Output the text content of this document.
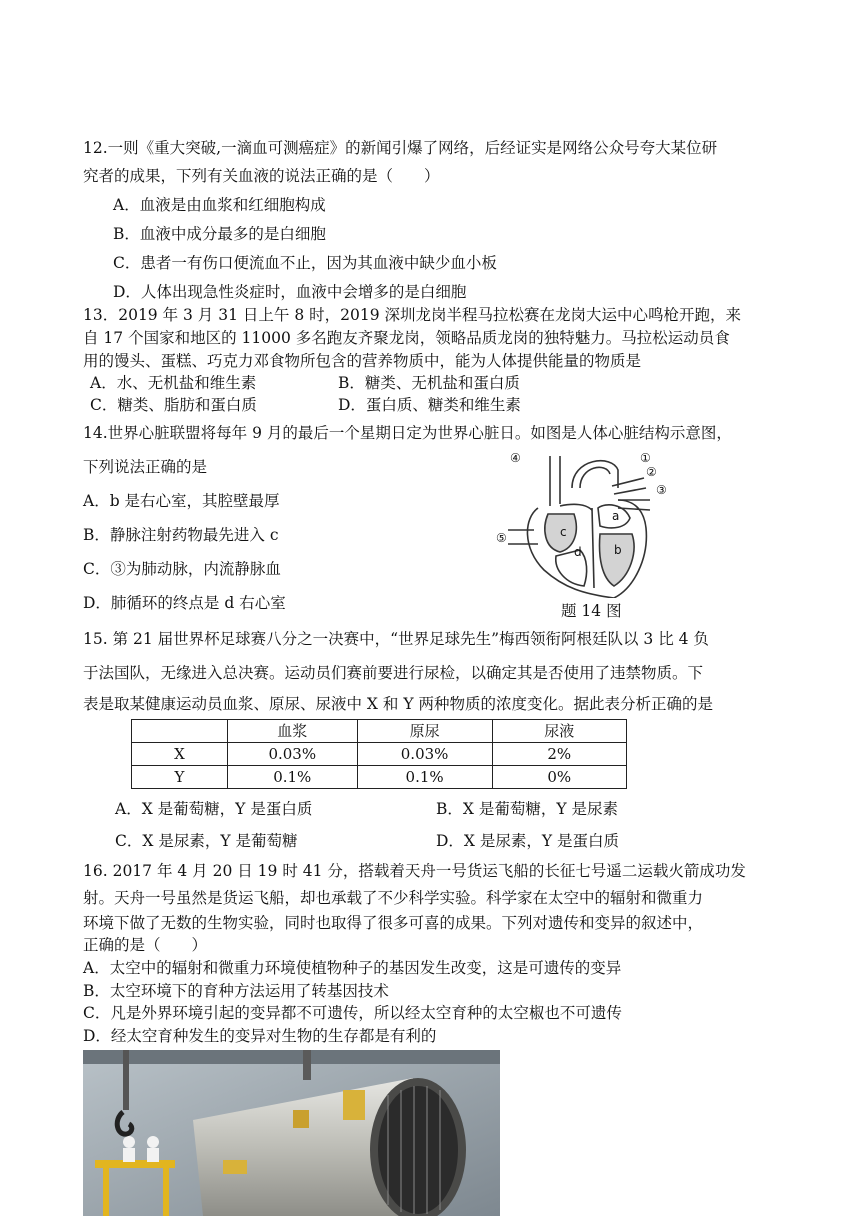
12.一则《重大突破,一滴血可测癌症》的新闻引爆了网络，后经证实是网络公众号夸大某位研
究者的成果，下列有关血液的说法正确的是（　　）
A．血液是由血浆和红细胞构成
B．血液中成分最多的是白细胞
C．患者一有伤口便流血不止，因为其血液中缺少血小板
D．人体出现急性炎症时，血液中会增多的是白细胞
13．2019 年 3 月 31 日上午 8 时，2019 深圳龙岗半程马拉松赛在龙岗大运中心鸣枪开跑，来
自 17 个国家和地区的 11000 多名跑友齐聚龙岗，领略品质龙岗的独特魅力。马拉松运动员食
用的馒头、蛋糕、巧克力邓食物所包含的营养物质中，能为人体提供能量的物质是
A．水、无机盐和维生素	B．糖类、无机盐和蛋白质
C．糖类、脂肪和蛋白质	D．蛋白质、糖类和维生素
14.世界心脏联盟将每年 9 月的最后一个星期日定为世界心脏日。如图是人体心脏结构示意图，
下列说法正确的是
A．b 是右心室，其腔壁最厚
B．静脉注射药物最先进入 c
C．③为肺动脉，内流静脉血
D．肺循环的终点是 d 右心室
④	①
②
③
⑤
a
b
c
d
题 14 图
15. 第 21 届世界杯足球赛八分之一决赛中，“世界足球先生”梅西领衔阿根廷队以 3 比 4 负
于法国队，无缘进入总决赛。运动员们赛前要进行尿检，以确定其是否使用了违禁物质。下
表是取某健康运动员血浆、原尿、尿液中 X 和 Y 两种物质的浓度变化。据此表分析正确的是
	血浆	原尿	尿液
X	0.03%	0.03%	2%
Y	0.1%	0.1%	0%
A．X 是葡萄糖，Y 是蛋白质	B．X 是葡萄糖，Y 是尿素
C．X 是尿素，Y 是葡萄糖	D．X 是尿素，Y 是蛋白质
16. 2017 年 4 月 20 日 19 时 41 分，搭载着天舟一号货运飞船的长征七号遥二运载火箭成功发
射。天舟一号虽然是货运飞船，却也承载了不少科学实验。科学家在太空中的辐射和微重力
环境下做了无数的生物实验，同时也取得了很多可喜的成果。下列对遗传和变异的叙述中，
正确的是（　　）
A．太空中的辐射和微重力环境使植物种子的基因发生改变，这是可遗传的变异
B．太空环境下的育种方法运用了转基因技术
C．凡是外界环境引起的变异都不可遗传，所以经太空育种的太空椒也不可遗传
D．经太空育种发生的变异对生物的生存都是有利的
